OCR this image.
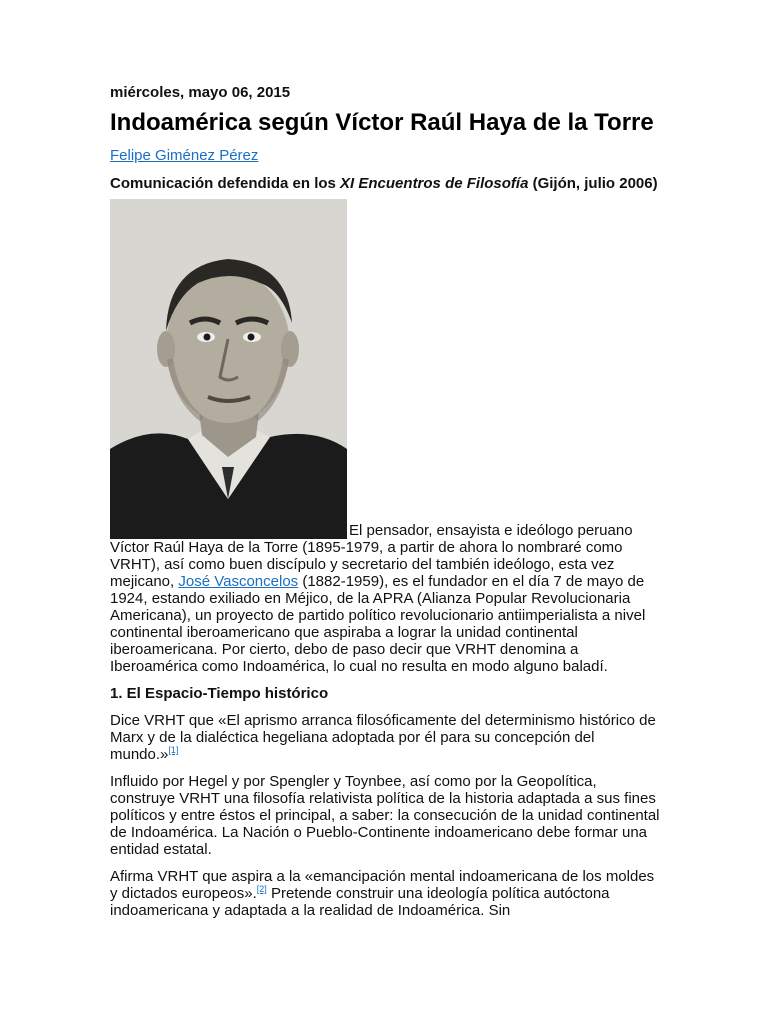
miércoles, mayo 06, 2015
Indoamérica según Víctor Raúl Haya de la Torre
Felipe Giménez Pérez
Comunicación defendida en los XI Encuentros de Filosofía (Gijón, julio 2006)
El pensador, ensayista e ideólogo peruano

Víctor Raúl Haya de la Torre (1895-1979, a partir de ahora lo nombraré como VRHT), así como buen discípulo y secretario del también ideólogo, esta vez mejicano, José Vasconcelos (1882-1959), es el fundador en el día 7 de mayo de 1924, estando exiliado en Méjico, de la APRA (Alianza Popular Revolucionaria Americana), un proyecto de partido político revolucionario antiimperialista a nivel continental iberoamericano que aspiraba a lograr la unidad continental iberoamericana. Por cierto, debo de paso decir que VRHT denomina a Iberoamérica como Indoamérica, lo cual no resulta en modo alguno baladí.

1. El Espacio-Tiempo histórico

Dice VRHT que «El aprismo arranca filosóficamente del determinismo histórico de Marx y de la dialéctica hegeliana adoptada por él para su concepción del mundo.»[1]

Influido por Hegel y por Spengler y Toynbee, así como por la Geopolítica, construye VRHT una filosofía relativista política de la historia adaptada a sus fines políticos y entre éstos el principal, a saber: la consecución de la unidad continental de Indoamérica. La Nación o Pueblo-Continente indoamericano debe formar una entidad estatal.

Afirma VRHT que aspira a la «emancipación mental indoamericana de los moldes y dictados europeos».[2] Pretende construir una ideología política autóctona indoamericana y adaptada a la realidad de Indoamérica. Sin
